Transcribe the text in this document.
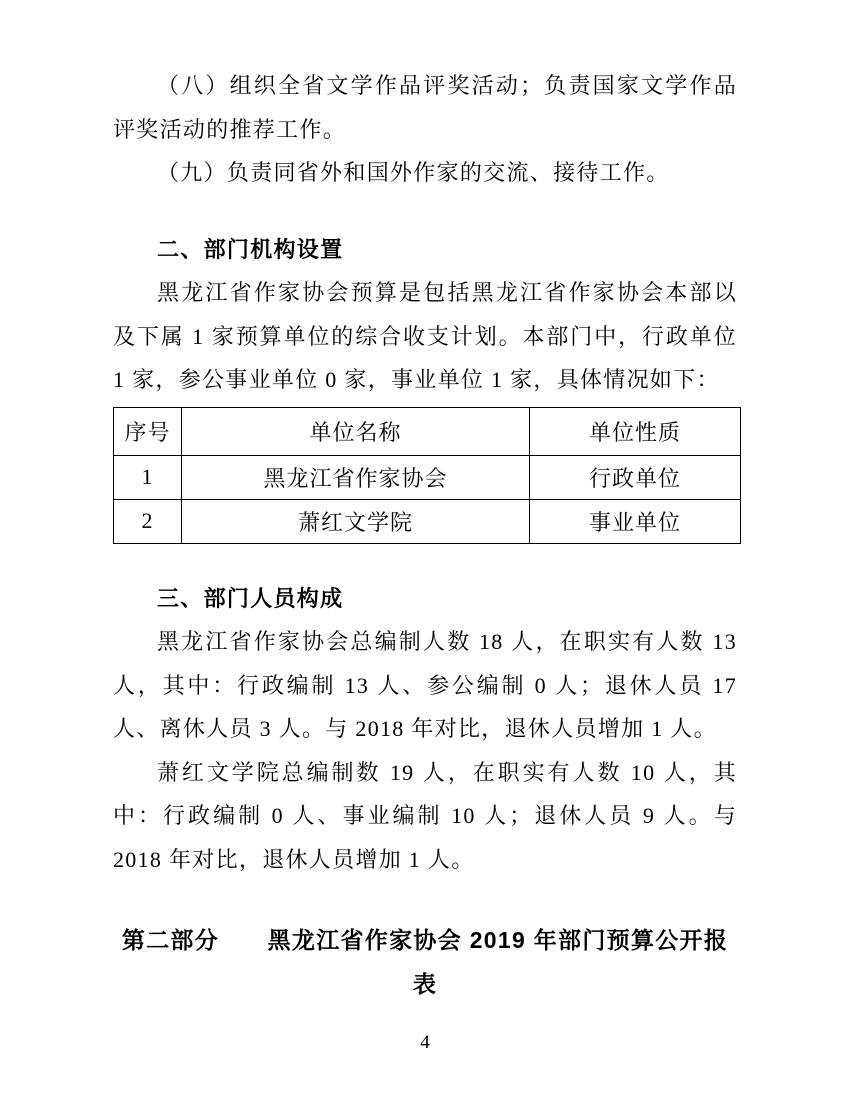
（八）组织全省文学作品评奖活动；负责国家文学作品评奖活动的推荐工作。

（九）负责同省外和国外作家的交流、接待工作。

二、部门机构设置

黑龙江省作家协会预算是包括黑龙江省作家协会本部以及下属 1 家预算单位的综合收支计划。本部门中，行政单位 1 家，参公事业单位 0 家，事业单位 1 家，具体情况如下：

序号	单位名称	单位性质
1	黑龙江省作家协会	行政单位
2	萧红文学院	事业单位
三、部门人员构成

黑龙江省作家协会总编制人数 18 人，在职实有人数 13 人，其中：行政编制 13 人、参公编制 0 人；退休人员 17 人、离休人员 3 人。与 2018 年对比，退休人员增加 1 人。

萧红文学院总编制数 19 人，在职实有人数 10 人，其中：行政编制 0 人、事业编制 10 人；退休人员 9 人。与 2018 年对比，退休人员增加 1 人。

第二部分　　黑龙江省作家协会 2019 年部门预算公开报表
4
